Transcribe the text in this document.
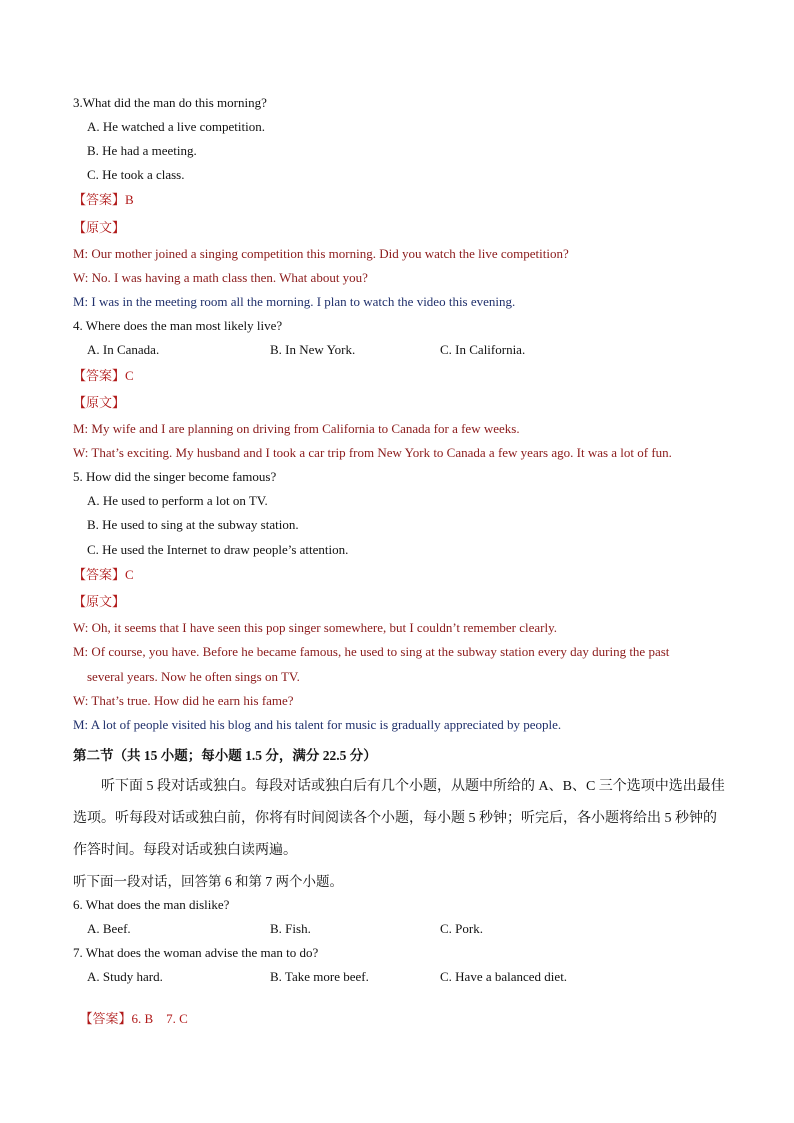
3.What did the man do this morning?
A. He watched a live competition.
B. He had a meeting.
C. He took a class.
【答案】B
【原文】
M: Our mother joined a singing competition this morning. Did you watch the live competition?
W: No. I was having a math class then. What about you?
M: I was in the meeting room all the morning. I plan to watch the video this evening.
4. Where does the man most likely live?
A. In Canada.	B. In New York.	C. In California.
【答案】C
【原文】
M: My wife and I are planning on driving from California to Canada for a few weeks.
W: That’s exciting. My husband and I took a car trip from New York to Canada a few years ago. It was a lot of fun.
5. How did the singer become famous?
A. He used to perform a lot on TV.
B. He used to sing at the subway station.
C. He used the Internet to draw people’s attention.
【答案】C
【原文】
W: Oh, it seems that I have seen this pop singer somewhere, but I couldn’t remember clearly.
M: Of course, you have. Before he became famous, he used to sing at the subway station every day during the past
several years. Now he often sings on TV.
W: That’s true. How did he earn his fame?
M: A lot of people visited his blog and his talent for music is gradually appreciated by people.
第二节（共 15 小题；每小题 1.5 分，满分 22.5 分）
听下面 5 段对话或独白。每段对话或独白后有几个小题，从题中所给的 A、B、C 三个选项中选出最佳
选项。听每段对话或独白前，你将有时间阅读各个小题，每小题 5 秒钟；听完后，各小题将给出 5 秒钟的
作答时间。每段对话或独白读两遍。
听下面一段对话，回答第 6 和第 7 两个小题。
6. What does the man dislike?
A. Beef.	B. Fish.	C. Pork.
7. What does the woman advise the man to do?
A. Study hard.	B. Take more beef.	C. Have a balanced diet.

【答案】6. B    7. C
